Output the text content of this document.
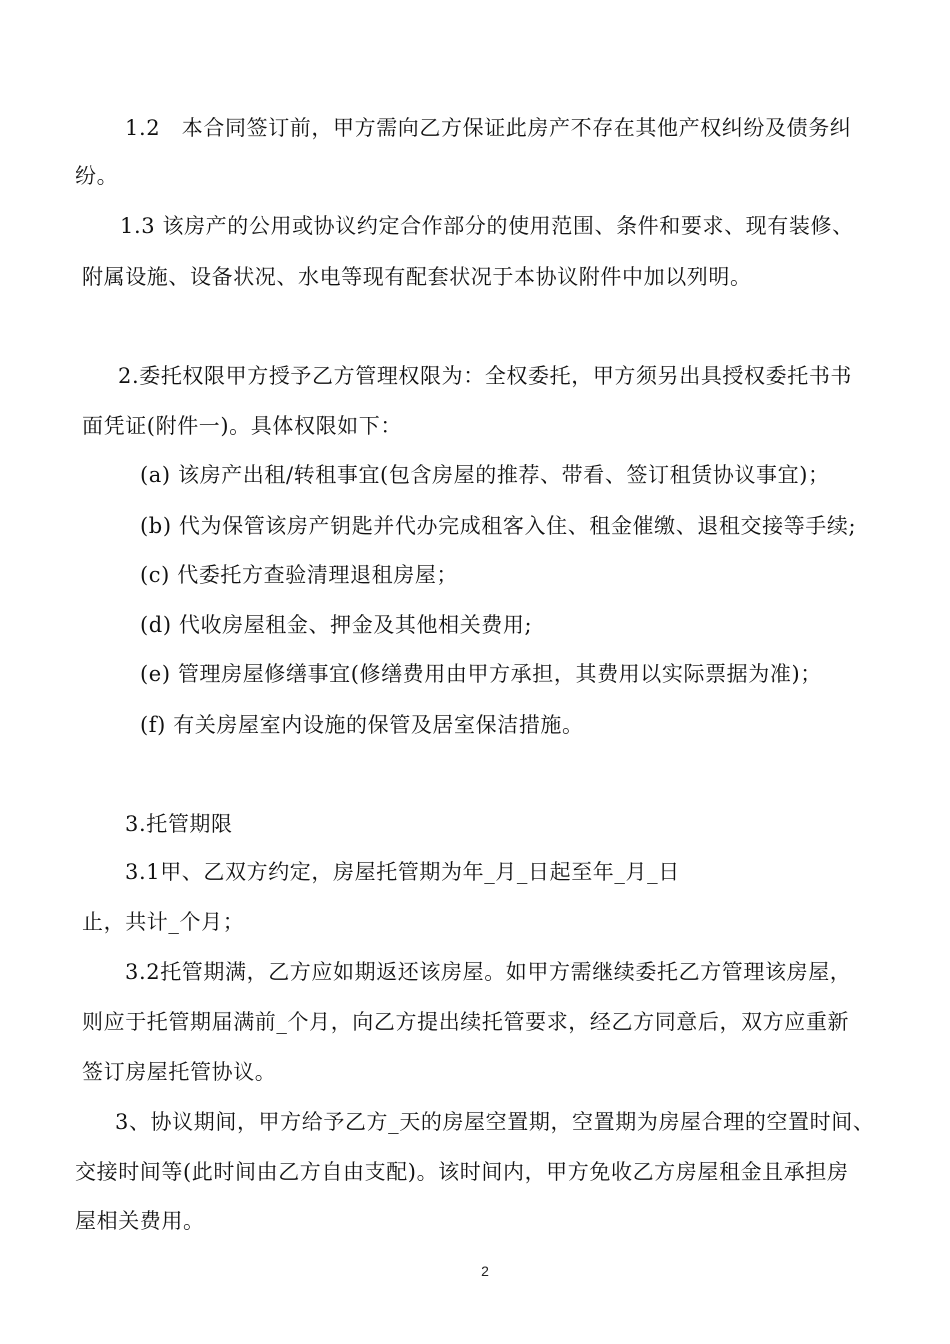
1.2　本合同签订前，甲方需向乙方保证此房产不存在其他产权纠纷及债务纠
纷。
1.3 该房产的公用或协议约定合作部分的使用范围、条件和要求、现有装修、
附属设施、设备状况、水电等现有配套状况于本协议附件中加以列明。
2.委托权限甲方授予乙方管理权限为：全权委托，甲方须另出具授权委托书书
面凭证(附件一)。具体权限如下：
(a) 该房产出租/转租事宜(包含房屋的推荐、带看、签订租赁协议事宜)；
(b) 代为保管该房产钥匙并代办完成租客入住、租金催缴、退租交接等手续;
(c) 代委托方查验清理退租房屋；
(d) 代收房屋租金、押金及其他相关费用;
(e) 管理房屋修缮事宜(修缮费用由甲方承担，其费用以实际票据为准)；
(f) 有关房屋室内设施的保管及居室保洁措施。
3.托管期限
3.1甲、乙双方约定，房屋托管期为年_月_日起至年_月_日
止，共计_个月；
3.2托管期满，乙方应如期返还该房屋。如甲方需继续委托乙方管理该房屋，
则应于托管期届满前_个月，向乙方提出续托管要求，经乙方同意后，双方应重新
签订房屋托管协议。
3、协议期间，甲方给予乙方_天的房屋空置期，空置期为房屋合理的空置时间、
交接时间等(此时间由乙方自由支配)。该时间内，甲方免收乙方房屋租金且承担房
屋相关费用。
2
